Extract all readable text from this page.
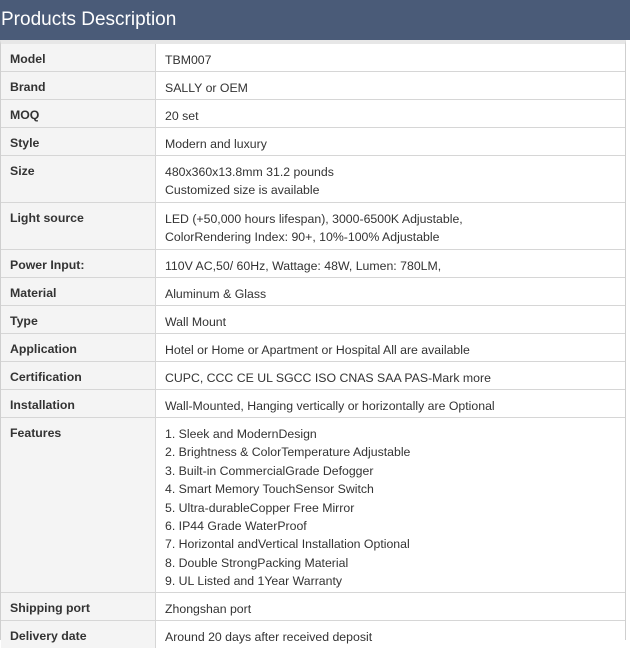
Products Description
Model	TBM007
Brand	SALLY or OEM
MOQ	20 set
Style	Modern and luxury
Size	480x360x13.8mm 31.2 pounds
Customized size is available
Light source	LED (+50,000 hours lifespan), 3000-6500K Adjustable,
ColorRendering Index: 90+, 10%-100% Adjustable
Power Input:	110V AC,50/ 60Hz, Wattage: 48W, Lumen: 780LM,
Material	Aluminum & Glass
Type	Wall Mount
Application	Hotel or Home or Apartment or Hospital All are available
Certification	CUPC, CCC CE UL SGCC ISO CNAS SAA PAS-Mark more
Installation	Wall-Mounted, Hanging vertically or horizontally are Optional
Features	1. Sleek and ModernDesign
2. Brightness & ColorTemperature Adjustable
3. Built-in CommercialGrade Defogger
4. Smart Memory TouchSensor Switch
5. Ultra-durableCopper Free Mirror
6. IP44 Grade WaterProof
7. Horizontal andVertical Installation Optional
8. Double StrongPacking Material
9. UL Listed and 1Year Warranty
Shipping port	Zhongshan port
Delivery date	Around 20 days after received deposit
